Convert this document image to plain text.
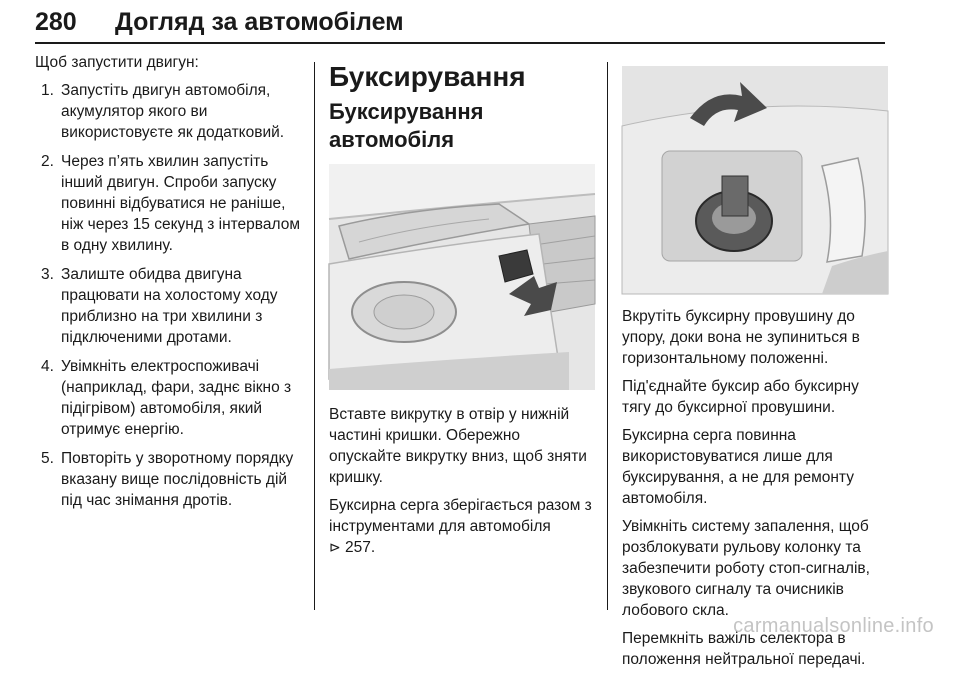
280 Догляд за автомобілем

Щоб запустити двигун:

1. Запустіть двигун автомобіля, акумулятор якого ви використовуєте як додатковий.
2. Через п’ять хвилин запустіть інший двигун. Спроби запуску повинні відбуватися не раніше, ніж через 15 секунд з інтервалом в одну хвилину.
3. Залиште обидва двигуна працювати на холостому ходу приблизно на три хвилини з підключеними дротами.
4. Увімкніть електроспоживачі (наприклад, фари, заднє вікно з підігрівом) автомобіля, який отримує енергію.
5. Повторіть у зворотному порядку вказану вище послідовність дій під час знімання дротів.
Буксирування
Буксирування автомобіля

Вставте викрутку в отвір у нижній частині кришки. Обережно опускайте викрутку вниз, щоб зняти кришку.

Буксирна серга зберігається разом з інструментами для автомобіля
⊳ 257.

Вкрутіть буксирну провушину до упору, доки вона не зупиниться в горизонтальному положенні.

Під'єднайте буксир або буксирну тягу до буксирної провушини.

Буксирна серга повинна використовуватися лише для буксирування, а не для ремонту автомобіля.

Увімкніть систему запалення, щоб розблокувати рульову колонку та забезпечити роботу стоп-сигналів, звукового сигналу та очисників лобового скла.

Перемкніть важіль селектора в положення нейтральної передачі.

carmanualsonline.info
